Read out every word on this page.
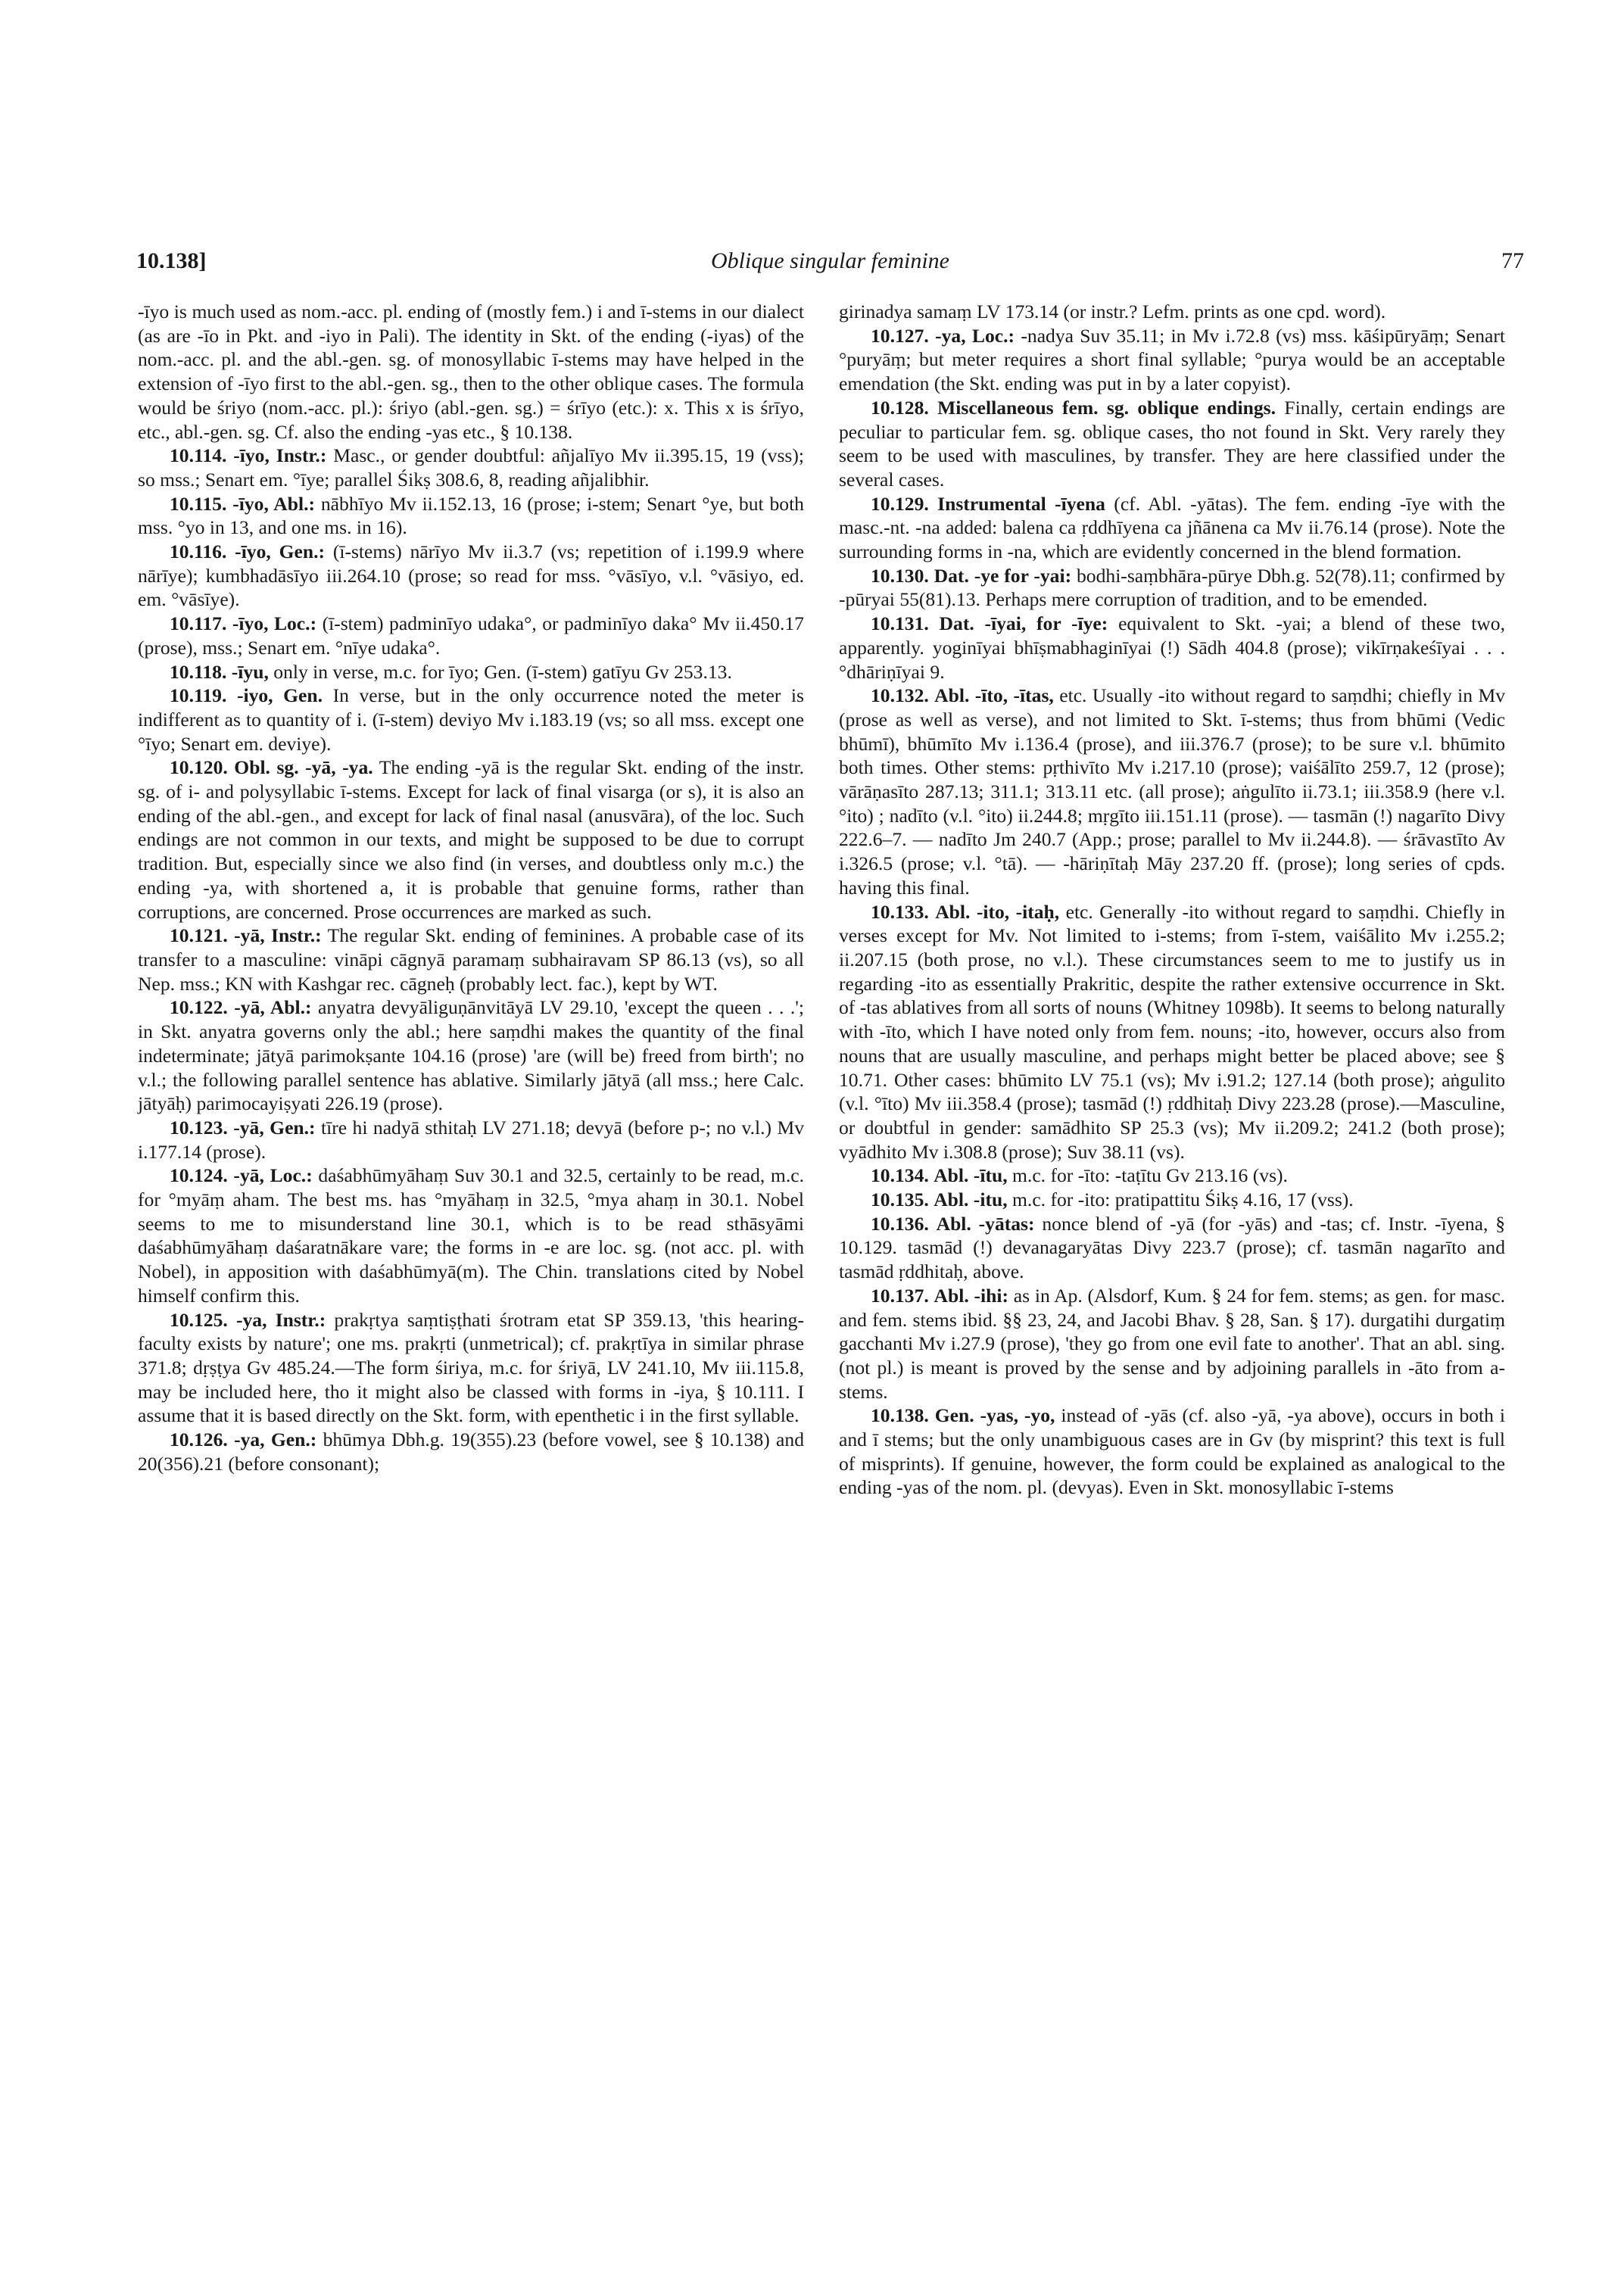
10.138]	Oblique singular feminine	77

-īyo is much used as nom.-acc. pl. ending of (mostly fem.) i and ī-stems in our dialect (as are -īo in Pkt. and -iyo in Pali). The identity in Skt. of the ending (-iyas) of the nom.-acc. pl. and the abl.-gen. sg. of monosyllabic ī-stems may have helped in the extension of -īyo first to the abl.-gen. sg., then to the other oblique cases. The formula would be śriyo (nom.-acc. pl.): śriyo (abl.-gen. sg.) = śrīyo (etc.): x. This x is śrīyo, etc., abl.-gen. sg. Cf. also the ending -yas etc., § 10.138.

10.114. -īyo, Instr.: Masc., or gender doubtful: añjalīyo Mv ii.395.15, 19 (vss); so mss.; Senart em. °īye; parallel Śikṣ 308.6, 8, reading añjalibhir.

10.115. -īyo, Abl.: nābhīyo Mv ii.152.13, 16 (prose; i-stem; Senart °ye, but both mss. °yo in 13, and one ms. in 16).

10.116. -īyo, Gen.: (ī-stems) nārīyo Mv ii.3.7 (vs; repetition of i.199.9 where nārīye); kumbhadāsīyo iii.264.10 (prose; so read for mss. °vāsīyo, v.l. °vāsiyo, ed. em. °vāsīye).

10.117. -īyo, Loc.: (ī-stem) padminīyo udaka°, or padminīyo daka° Mv ii.450.17 (prose), mss.; Senart em. °nīye udaka°.

10.118. -īyu, only in verse, m.c. for īyo; Gen. (ī-stem) gatīyu Gv 253.13.

10.119. -iyo, Gen. In verse, but in the only occurrence noted the meter is indifferent as to quantity of i. (ī-stem) deviyo Mv i.183.19 (vs; so all mss. except one °īyo; Senart em. deviye).

10.120. Obl. sg. -yā, -ya. The ending -yā is the regular Skt. ending of the instr. sg. of i- and polysyllabic ī-stems. Except for lack of final visarga (or s), it is also an ending of the abl.-gen., and except for lack of final nasal (anusvāra), of the loc. Such endings are not common in our texts, and might be supposed to be due to corrupt tradition. But, especially since we also find (in verses, and doubtless only m.c.) the ending -ya, with shortened a, it is probable that genuine forms, rather than corruptions, are concerned. Prose occurrences are marked as such.

10.121. -yā, Instr.: The regular Skt. ending of feminines. A probable case of its transfer to a masculine: vināpi cāgnyā paramaṃ subhairavam SP 86.13 (vs), so all Nep. mss.; KN with Kashgar rec. cāgneḥ (probably lect. fac.), kept by WT.

10.122. -yā, Abl.: anyatra devyāliguṇānvitāyā LV 29.10, 'except the queen . . .'; in Skt. anyatra governs only the abl.; here saṃdhi makes the quantity of the final indeterminate; jātyā parimokṣante 104.16 (prose) 'are (will be) freed from birth'; no v.l.; the following parallel sentence has ablative. Similarly jātyā (all mss.; here Calc. jātyāḥ) parimocayiṣyati 226.19 (prose).

10.123. -yā, Gen.: tīre hi nadyā sthitaḥ LV 271.18; devyā (before p-; no v.l.) Mv i.177.14 (prose).

10.124. -yā, Loc.: daśabhūmyāhaṃ Suv 30.1 and 32.5, certainly to be read, m.c. for °myāṃ aham. The best ms. has °myāhaṃ in 32.5, °mya ahaṃ in 30.1. Nobel seems to me to misunderstand line 30.1, which is to be read sthāsyāmi daśabhūmyāhaṃ daśaratnākare vare; the forms in -e are loc. sg. (not acc. pl. with Nobel), in apposition with daśabhūmyā(m). The Chin. translations cited by Nobel himself confirm this.

10.125. -ya, Instr.: prakṛtya saṃtiṣṭhati śrotram etat SP 359.13, 'this hearing-faculty exists by nature'; one ms. prakṛti (unmetrical); cf. prakṛtīya in similar phrase 371.8; dṛṣṭya Gv 485.24.—The form śiriya, m.c. for śriyā, LV 241.10, Mv iii.115.8, may be included here, tho it might also be classed with forms in -iya, § 10.111. I assume that it is based directly on the Skt. form, with epenthetic i in the first syllable.

10.126. -ya, Gen.: bhūmya Dbh.g. 19(355).23 (before vowel, see § 10.138) and 20(356).21 (before consonant);

girinadya samaṃ LV 173.14 (or instr.? Lefm. prints as one cpd. word).

10.127. -ya, Loc.: -nadya Suv 35.11; in Mv i.72.8 (vs) mss. kāśipūryāṃ; Senart °puryāṃ; but meter requires a short final syllable; °purya would be an acceptable emendation (the Skt. ending was put in by a later copyist).

10.128. Miscellaneous fem. sg. oblique endings. Finally, certain endings are peculiar to particular fem. sg. oblique cases, tho not found in Skt. Very rarely they seem to be used with masculines, by transfer. They are here classified under the several cases.

10.129. Instrumental -īyena (cf. Abl. -yātas). The fem. ending -īye with the masc.-nt. -na added: balena ca ṛddhīyena ca jñānena ca Mv ii.76.14 (prose). Note the surrounding forms in -na, which are evidently concerned in the blend formation.

10.130. Dat. -ye for -yai: bodhi-saṃbhāra-pūrye Dbh.g. 52(78).11; confirmed by -pūryai 55(81).13. Perhaps mere corruption of tradition, and to be emended.

10.131. Dat. -īyai, for -īye: equivalent to Skt. -yai; a blend of these two, apparently. yoginīyai bhīṣmabhaginīyai (!) Sādh 404.8 (prose); vikīrṇakeśīyai . . . °dhāriṇīyai 9.

10.132. Abl. -īto, -ītas, etc. Usually -ito without regard to saṃdhi; chiefly in Mv (prose as well as verse), and not limited to Skt. ī-stems; thus from bhūmi (Vedic bhūmī), bhūmīto Mv i.136.4 (prose), and iii.376.7 (prose); to be sure v.l. bhūmito both times. Other stems: pṛthivīto Mv i.217.10 (prose); vaiśālīto 259.7, 12 (prose); vārāṇasīto 287.13; 311.1; 313.11 etc. (all prose); aṅgulīto ii.73.1; iii.358.9 (here v.l. °ito) ; nadīto (v.l. °ito) ii.244.8; mṛgīto iii.151.11 (prose). — tasmān (!) nagarīto Divy 222.6–7. — nadīto Jm 240.7 (App.; prose; parallel to Mv ii.244.8). — śrāvastīto Av i.326.5 (prose; v.l. °tā). — -hāriṇītaḥ Māy 237.20 ff. (prose); long series of cpds. having this final.

10.133. Abl. -ito, -itaḥ, etc. Generally -ito without regard to saṃdhi. Chiefly in verses except for Mv. Not limited to i-stems; from ī-stem, vaiśālito Mv i.255.2; ii.207.15 (both prose, no v.l.). These circumstances seem to me to justify us in regarding -ito as essentially Prakritic, despite the rather extensive occurrence in Skt. of -tas ablatives from all sorts of nouns (Whitney 1098b). It seems to belong naturally with -īto, which I have noted only from fem. nouns; -ito, however, occurs also from nouns that are usually masculine, and perhaps might better be placed above; see § 10.71. Other cases: bhūmito LV 75.1 (vs); Mv i.91.2; 127.14 (both prose); aṅgulito (v.l. °īto) Mv iii.358.4 (prose); tasmād (!) ṛddhitaḥ Divy 223.28 (prose).—Masculine, or doubtful in gender: samādhito SP 25.3 (vs); Mv ii.209.2; 241.2 (both prose); vyādhito Mv i.308.8 (prose); Suv 38.11 (vs).

10.134. Abl. -ītu, m.c. for -īto: -taṭītu Gv 213.16 (vs).

10.135. Abl. -itu, m.c. for -ito: pratipattitu Śikṣ 4.16, 17 (vss).

10.136. Abl. -yātas: nonce blend of -yā (for -yās) and -tas; cf. Instr. -īyena, § 10.129. tasmād (!) devanagaryātas Divy 223.7 (prose); cf. tasmān nagarīto and tasmād ṛddhitaḥ, above.

10.137. Abl. -ihi: as in Ap. (Alsdorf, Kum. § 24 for fem. stems; as gen. for masc. and fem. stems ibid. §§ 23, 24, and Jacobi Bhav. § 28, San. § 17). durgatihi durgatiṃ gacchanti Mv i.27.9 (prose), 'they go from one evil fate to another'. That an abl. sing. (not pl.) is meant is proved by the sense and by adjoining parallels in -āto from a-stems.

10.138. Gen. -yas, -yo, instead of -yās (cf. also -yā, -ya above), occurs in both i and ī stems; but the only unambiguous cases are in Gv (by misprint? this text is full of misprints). If genuine, however, the form could be explained as analogical to the ending -yas of the nom. pl. (devyas). Even in Skt. monosyllabic ī-stems
